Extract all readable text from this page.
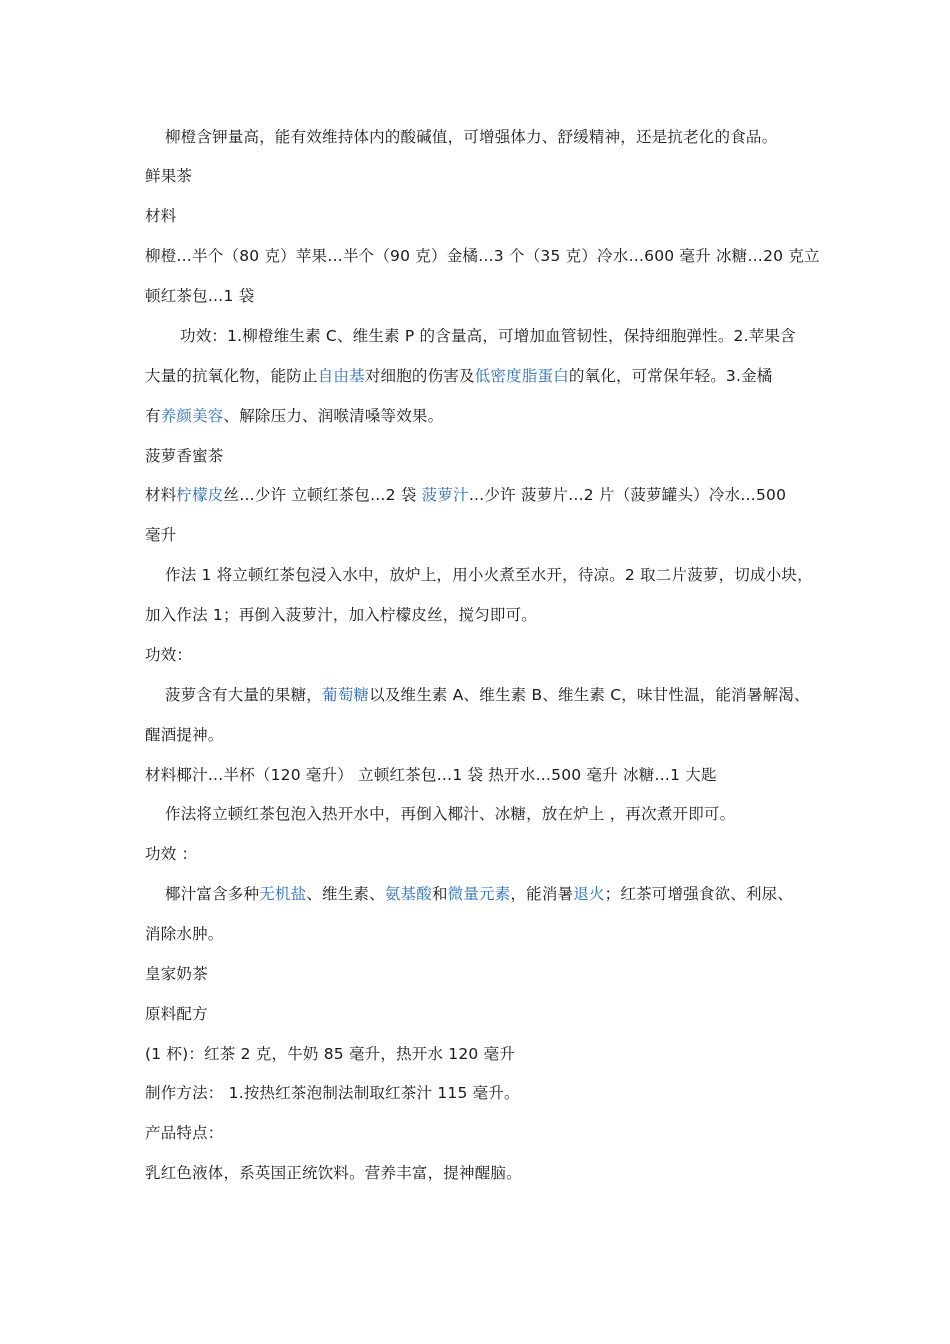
柳橙含钾量高，能有效维持体内的酸碱值，可增强体力、舒缓精神，还是抗老化的食品。
鲜果茶
材料
柳橙…半个（80 克）苹果…半个（90 克）金橘…3 个（35 克）冷水…600 毫升 冰糖…20 克立
顿红茶包…1 袋
功效：1.柳橙维生素 C、维生素 P 的含量高，可增加血管韧性，保持细胞弹性。2.苹果含
大量的抗氧化物，能防止自由基对细胞的伤害及低密度脂蛋白的氧化，可常保年轻。3.金橘
有养颜美容、解除压力、润喉清嗓等效果。
菠萝香蜜茶
材料柠檬皮丝…少许 立顿红茶包…2 袋 菠萝汁…少许 菠萝片…2 片（菠萝罐头）冷水…500
毫升
作法 1 将立顿红茶包浸入水中，放炉上，用小火煮至水开，待凉。2 取二片菠萝，切成小块，
加入作法 1；再倒入菠萝汁，加入柠檬皮丝，搅匀即可。
功效：
菠萝含有大量的果糖，葡萄糖以及维生素 A、维生素 B、维生素 C，味甘性温，能消暑解渴、
醒酒提神。
材料椰汁…半杯（120 毫升） 立顿红茶包…1 袋 热开水…500 毫升 冰糖…1 大匙
作法将立顿红茶包泡入热开水中，再倒入椰汁、冰糖，放在炉上 ，再次煮开即可。
功效 ：
椰汁富含多种无机盐、维生素、氨基酸和微量元素，能消暑退火；红茶可增强食欲、利尿、
消除水肿。
皇家奶茶
原料配方
(1 杯)：红茶 2 克，牛奶 85 毫升，热开水 120 毫升
制作方法： 1.按热红茶泡制法制取红茶汁 115 毫升。
产品特点：
乳红色液体，系英国正统饮料。营养丰富，提神醒脑。
